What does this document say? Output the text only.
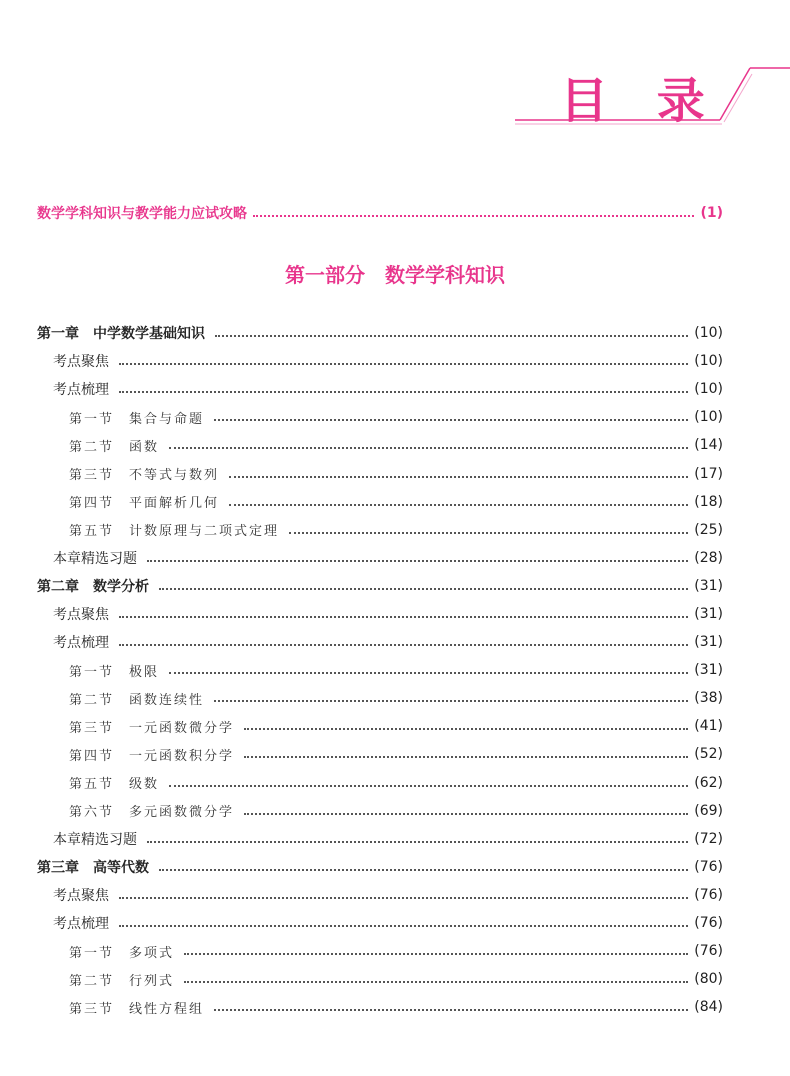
目 录
数学学科知识与教学能力应试攻略	(1)
第一部分　数学学科知识
第一章　中学数学基础知识	(10)
考点聚焦	(10)
考点梳理	(10)
第一节　集合与命题	(10)
第二节　函数	(14)
第三节　不等式与数列	(17)
第四节　平面解析几何	(18)
第五节　计数原理与二项式定理	(25)
本章精选习题	(28)
第二章　数学分析	(31)
考点聚焦	(31)
考点梳理	(31)
第一节　极限	(31)
第二节　函数连续性	(38)
第三节　一元函数微分学	(41)
第四节　一元函数积分学	(52)
第五节　级数	(62)
第六节　多元函数微分学	(69)
本章精选习题	(72)
第三章　高等代数	(76)
考点聚焦	(76)
考点梳理	(76)
第一节　多项式	(76)
第二节　行列式	(80)
第三节　线性方程组	(84)
